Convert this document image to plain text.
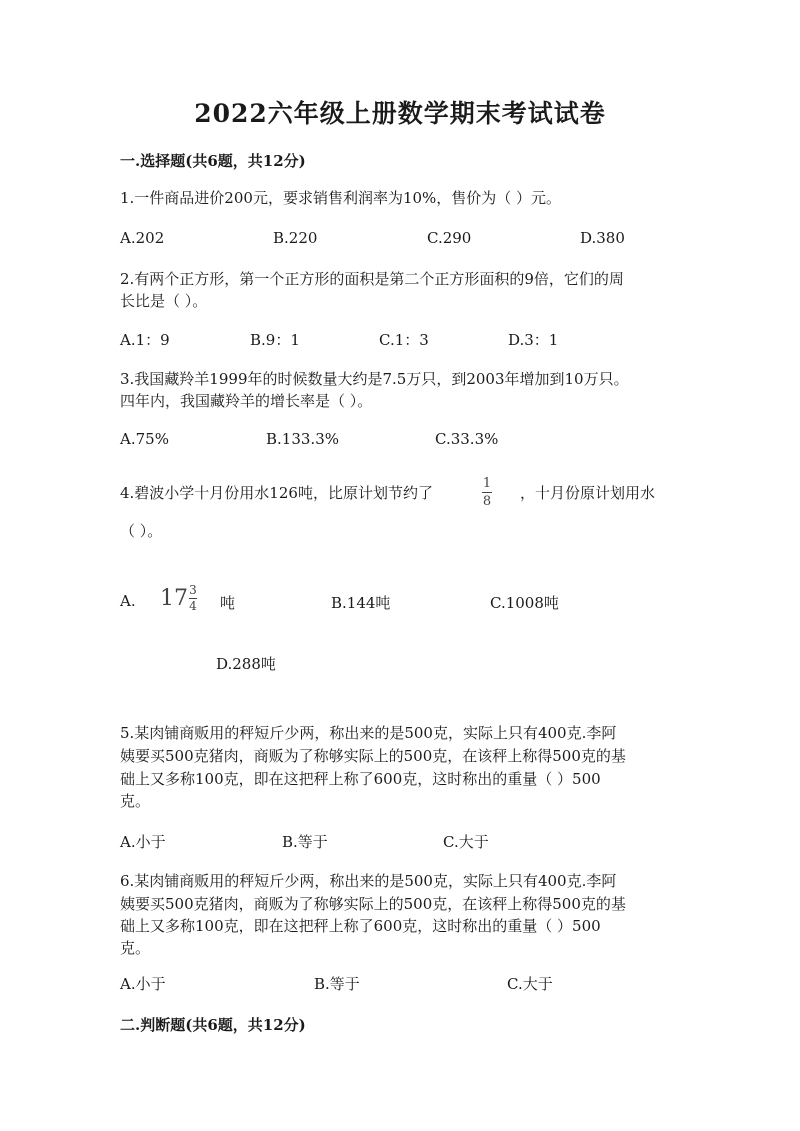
2022六年级上册数学期末考试试卷
一.选择题(共6题，共12分)
1.一件商品进价200元，要求销售利润率为10%，售价为（ ）元。
A.202	B.220	C.290	D.380
2.有两个正方形，第一个正方形的面积是第二个正方形面积的9倍，它们的周
长比是（ ）。
A.1：9	B.9：1	C.1：3	D.3：1
3.我国藏羚羊1999年的时候数量大约是7.5万只，到2003年增加到10万只。
四年内，我国藏羚羊的增长率是（ ）。
A.75%	B.133.3%	C.33.3%
4.碧波小学十月份用水126吨，比原计划节约了
1
8 ，十月份原计划用水
（ ）。
A. 17 3
4 吨	B.144吨	C.1008吨
D.288吨
5.某肉铺商贩用的秤短斤少两，称出来的是500克，实际上只有400克.李阿
姨要买500克猪肉，商贩为了称够实际上的500克，在该秤上称得500克的基
础上又多称100克，即在这把秤上称了600克，这时称出的重量（ ）500
克。
A.小于	B.等于	C.大于
6.某肉铺商贩用的秤短斤少两，称出来的是500克，实际上只有400克.李阿
姨要买500克猪肉，商贩为了称够实际上的500克，在该秤上称得500克的基
础上又多称100克，即在这把秤上称了600克，这时称出的重量（ ）500
克。
A.小于	B.等于	C.大于
二.判断题(共6题，共12分)
